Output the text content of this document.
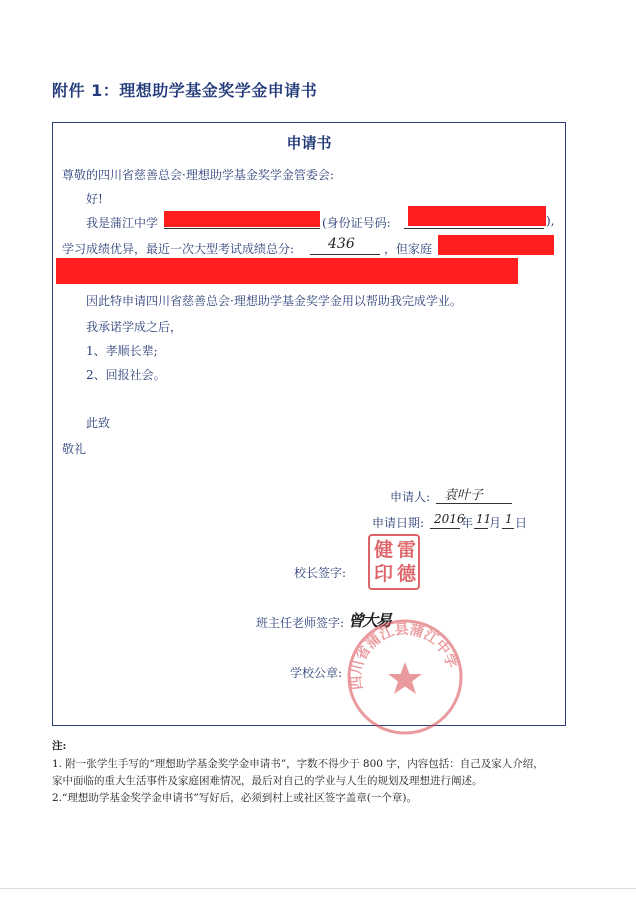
附件 1：理想助学基金奖学金申请书
申请书
尊敬的四川省慈善总会·理想助学基金奖学金管委会:
好!
我是蒲江中学	(身份证号码:	),
学习成绩优异，最近一次大型考试成绩总分: 436 ，但家庭
因此特申请四川省慈善总会·理想助学基金奖学金用以帮助我完成学业。
我承诺学成之后，
1、孝顺长辈;
2、回报社会。
此致
敬礼
申请人: 袁叶子
申请日期: 2016
年 11
月 1 日
校长签字:
雷
德
健
印
班主任老师签字: 曾大易
学校公章:
四川省蒲江县蒲江中学
注:
1. 附一张学生手写的“理想助学基金奖学金申请书”，字数不得少于 800 字，内容包括：自己及家人介绍，
家中面临的重大生活事件及家庭困难情况，最后对自己的学业与人生的规划及理想进行阐述。
2.“理想助学基金奖学金申请书”写好后，必须到村上或社区签字盖章(一个章)。
